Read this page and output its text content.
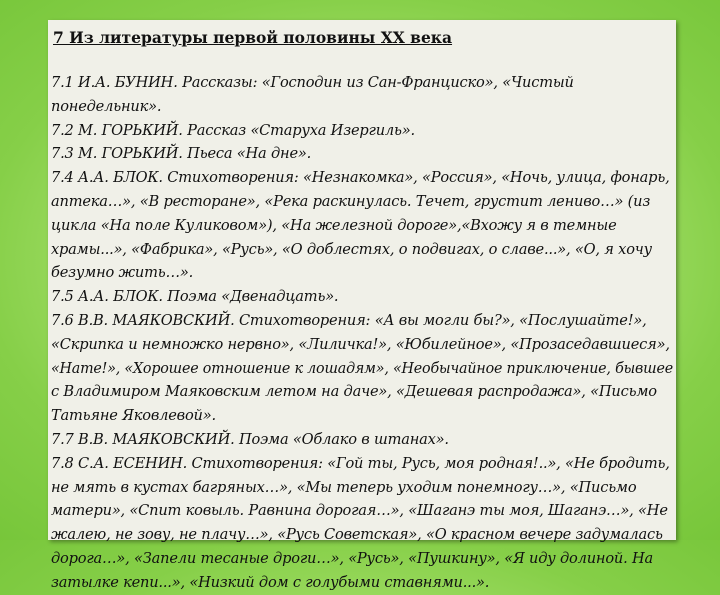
7 Из литературы первой половины ХХ века

7.1 И.А. БУНИН. Рассказы: «Господин из Сан-Франциско», «Чистый
понедельник».
7.2 М. ГОРЬКИЙ. Рассказ «Старуха Изергиль».
7.3 М. ГОРЬКИЙ. Пьеса «На дне».
7.4 А.А. БЛОК. Стихотворения: «Незнакомка», «Россия», «Ночь, улица, фонарь,
аптека…», «В ресторане», «Река раскинулась. Течет, грустит лениво…» (из
цикла «На поле Куликовом»), «На железной дороге»,«Вхожу я в темные
храмы...», «Фабрика», «Русь», «О доблестях, о подвигах, о славе...», «О, я хочу
безумно жить…».
7.5 А.А. БЛОК. Поэма «Двенадцать».
7.6 В.В. МАЯКОВСКИЙ. Стихотворения: «А вы могли бы?», «Послушайте!»,
«Скрипка и немножко нервно», «Лиличка!», «Юбилейное», «Прозаседавшиеся»,
«Нате!», «Хорошее отношение к лошадям», «Необычайное приключение, бывшее
с Владимиром Маяковским летом на даче», «Дешевая распродажа», «Письмо
Татьяне Яковлевой».
7.7 В.В. МАЯКОВСКИЙ. Поэма «Облако в штанах».
7.8 С.А. ЕСЕНИН. Стихотворения: «Гой ты, Русь, моя родная!..», «Не бродить,
не мять в кустах багряных…», «Мы теперь уходим понемногу…», «Письмо
матери», «Спит ковыль. Равнина дорогая…», «Шаганэ ты моя, Шаганэ…», «Не
жалею, не зову, не плачу…», «Русь Советская», «О красном вечере задумалась
дорога…», «Запели тесаные дроги…», «Русь», «Пушкину», «Я иду долиной. На
затылке кепи...», «Низкий дом с голубыми ставнями...».
